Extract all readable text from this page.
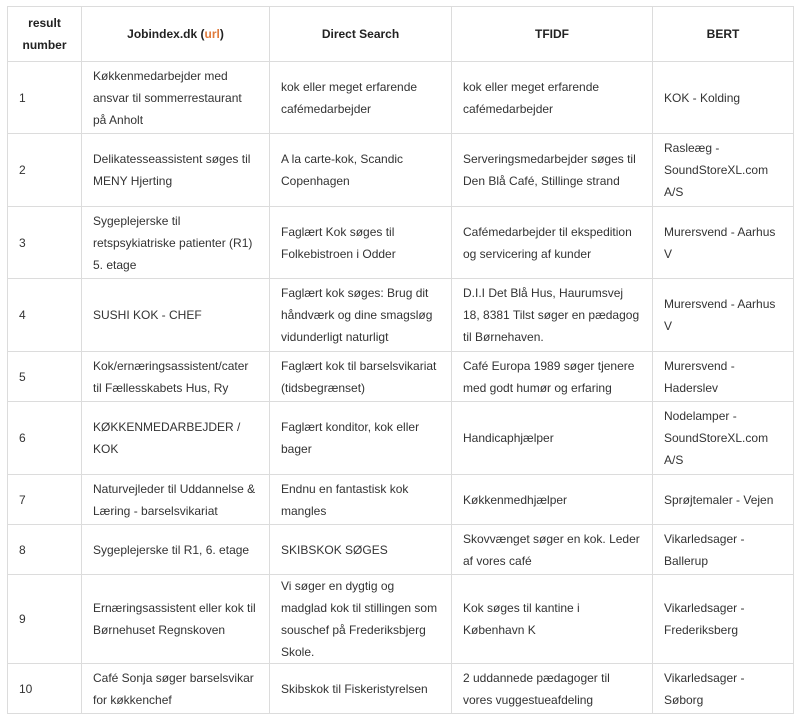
result
number	Jobindex.dk (url)	Direct Search	TFIDF	BERT
1	Køkkenmedarbejder med ansvar til sommerrestaurant på Anholt	kok eller meget erfarende cafémedarbejder	kok eller meget erfarende cafémedarbejder	KOK - Kolding
2	Delikatesseassistent søges til MENY Hjerting	A la carte-kok, Scandic Copenhagen	Serveringsmedarbejder søges til Den Blå Café, Stillinge strand	Rasleæg - SoundStoreXL.com A/S
3	Sygeplejerske til retspsykiatriske patienter (R1) 5. etage	Faglært Kok søges til Folkebistroen i Odder	Cafémedarbejder til ekspedition og servicering af kunder	Murersvend - Aarhus V
4	SUSHI KOK - CHEF	Faglært kok søges: Brug dit håndværk og dine smagsløg vidunderligt naturligt	D.I.I Det Blå Hus, Haurumsvej 18, 8381 Tilst søger en pædagog til Børnehaven.	Murersvend - Aarhus V
5	Kok/ernæringsassistent/cater til Fællesskabets Hus, Ry	Faglært kok til barselsvikariat (tidsbegrænset)	Café Europa 1989 søger tjenere med godt humør og erfaring	Murersvend - Haderslev
6	KØKKENMEDARBEJDER / KOK	Faglært konditor, kok eller bager	Handicaphjælper	Nodelamper - SoundStoreXL.com A/S
7	Naturvejleder til Uddannelse & Læring - barselsvikariat	Endnu en fantastisk kok mangles	Køkkenmedhjælper	Sprøjtemaler - Vejen
8	Sygeplejerske til R1, 6. etage	SKIBSKOK SØGES	Skovvænget søger en kok. Leder af vores café	Vikarledsager - Ballerup
9	Ernæringsassistent eller kok til Børnehuset Regnskoven	Vi søger en dygtig og madglad kok til stillingen som souschef på Frederiksbjerg Skole.	Kok søges til kantine i København K	Vikarledsager - Frederiksberg
10	Café Sonja søger barselsvikar for køkkenchef	Skibskok til Fiskeristyrelsen	2 uddannede pædagoger til vores vuggestueafdeling	Vikarledsager - Søborg
